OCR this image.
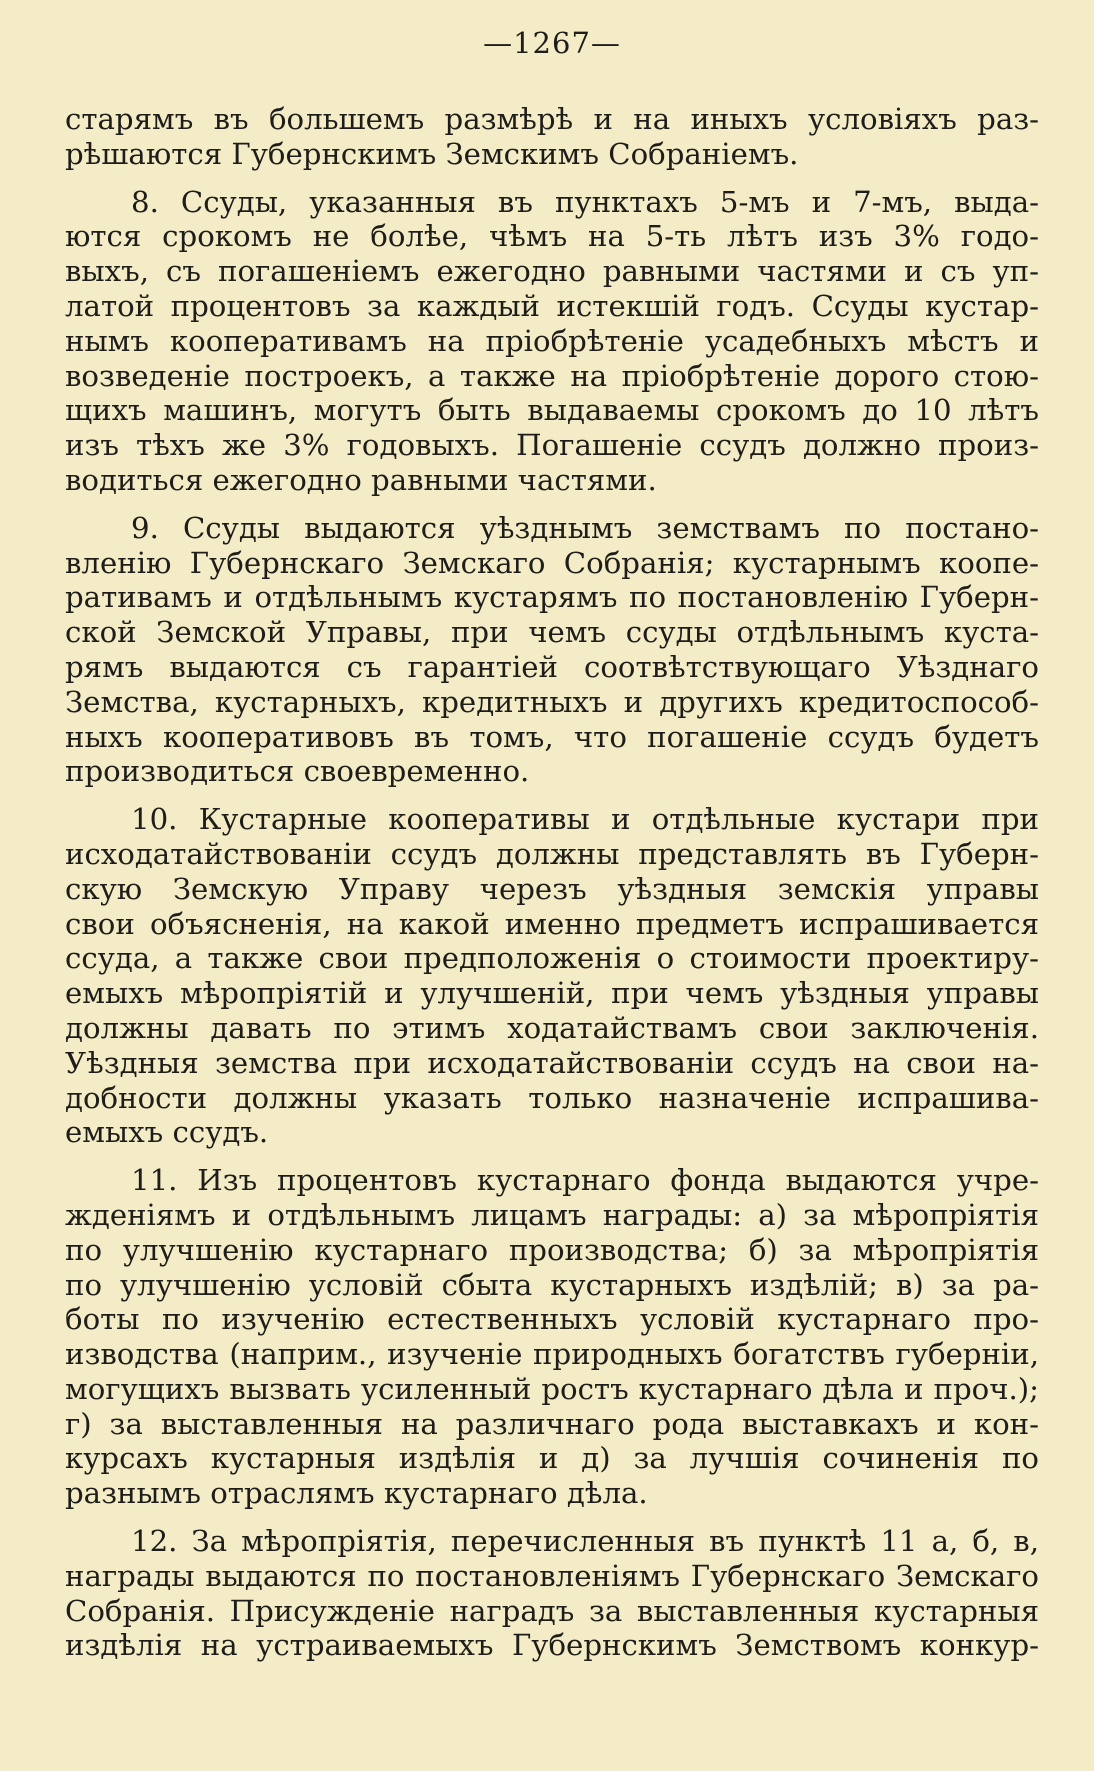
—1267—
старямъ въ большемъ размѣрѣ и на иныхъ условіяхъ раз-
рѣшаются Губернскимъ Земскимъ Собраніемъ.
8. Ссуды, указанныя въ пунктахъ 5-мъ и 7-мъ, выда-
ются срокомъ не болѣе, чѣмъ на 5-ть лѣтъ изъ 3% годо-
выхъ, съ погашеніемъ ежегодно равными частями и съ уп-
латой процентовъ за каждый истекшій годъ. Ссуды кустар-
нымъ кооперативамъ на пріобрѣтеніе усадебныхъ мѣстъ и
возведеніе построекъ, а также на пріобрѣтеніе дорого стою-
щихъ машинъ, могутъ быть выдаваемы срокомъ до 10 лѣтъ
изъ тѣхъ же 3% годовыхъ. Погашеніе ссудъ должно произ-
водиться ежегодно равными частями.
9. Ссуды выдаются уѣзднымъ земствамъ по постано-
вленію Губернскаго Земскаго Собранія; кустарнымъ коопе-
ративамъ и отдѣльнымъ кустарямъ по постановленію Губерн-
ской Земской Управы, при чемъ ссуды отдѣльнымъ куста-
рямъ выдаются съ гарантіей соотвѣтствующаго Уѣзднаго
Земства, кустарныхъ, кредитныхъ и другихъ кредитоспособ-
ныхъ кооперативовъ въ томъ, что погашеніе ссудъ будетъ
производиться своевременно.
10. Кустарные кооперативы и отдѣльные кустари при
исходатайствованіи ссудъ должны представлять въ Губерн-
скую Земскую Управу черезъ уѣздныя земскія управы
свои объясненія, на какой именно предметъ испрашивается
ссуда, а также свои предположенія о стоимости проектиру-
емыхъ мѣропріятій и улучшеній, при чемъ уѣздныя управы
должны давать по этимъ ходатайствамъ свои заключенія.
Уѣздныя земства при исходатайствованіи ссудъ на свои на-
добности должны указать только назначеніе испрашива-
емыхъ ссудъ.
11. Изъ процентовъ кустарнаго фонда выдаются учре-
жденіямъ и отдѣльнымъ лицамъ награды: а) за мѣропріятія
по улучшенію кустарнаго производства; б) за мѣропріятія
по улучшенію условій сбыта кустарныхъ издѣлій; в) за ра-
боты по изученію естественныхъ условій кустарнаго про-
изводства (наприм., изученіе природныхъ богатствъ губерніи,
могущихъ вызвать усиленный ростъ кустарнаго дѣла и проч.);
г) за выставленныя на различнаго рода выставкахъ и кон-
курсахъ кустарныя издѣлія и д) за лучшія сочиненія по
разнымъ отраслямъ кустарнаго дѣла.
12. За мѣропріятія, перечисленныя въ пунктѣ 11 а, б, в,
награды выдаются по постановленіямъ Губернскаго Земскаго
Собранія. Присужденіе наградъ за выставленныя кустарныя
издѣлія на устраиваемыхъ Губернскимъ Земствомъ конкур-
